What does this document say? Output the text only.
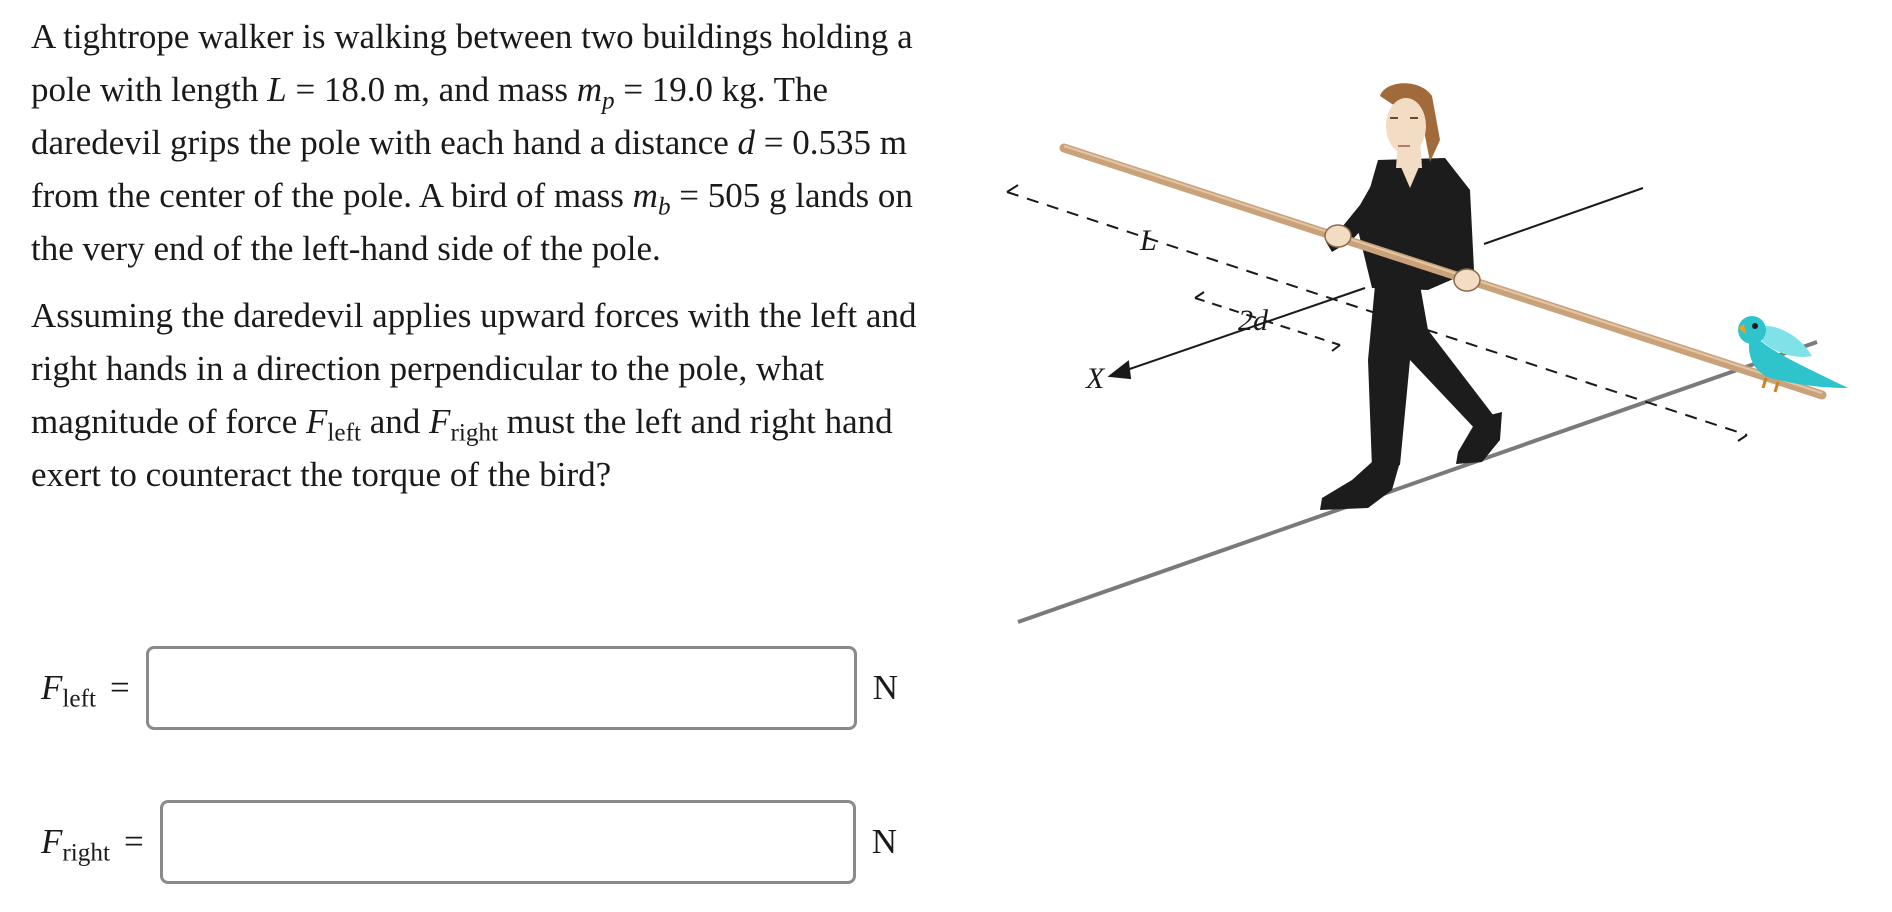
A tightrope walker is walking between two buildings holding a pole with length L = 18.0 m, and mass $m_p = 19.0$ kg. The daredevil grips the pole with each hand a distance d = 0.535 m from the center of the pole. A bird of mass $m_b = 505$ g lands on the very end of the left-hand side of the pole.

Assuming the daredevil applies upward forces with the left and right hands in a direction perpendicular to the pole, what magnitude of force $F_{left}$ and $F_{right}$ must the left and right hand exert to counteract the torque of the bird?

$F_{left}$ =	N
$F_{right}$ =	N
L
2d
X
